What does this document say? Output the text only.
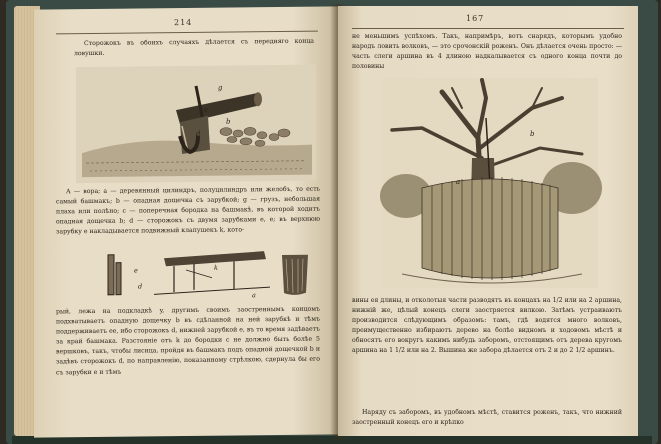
214

Сторожокъ въ обоихъ случаяхъ дѣлается съ передняго конца ловушки.

g
e
d
b

А — вора; а — деревянный цилиндръ, полуцилиндръ или желобъ, то есть самый башмакъ; b — опадная дощечка съ зарубкой; g — грузъ, небольшая плаха или полѣно; c — поперечная бородка на башмакѣ, въ которой ходитъ опадная дощечка b; d — сторожокъ съ двумя зарубками e, e; въ верхнюю зарубку e накладывается подвижный клапушекъ k, кото-

e
d
k
a

рый, лежа на подкладкѣ y, другимъ своимъ заостреннымъ концомъ подхватываетъ опадную дощечку b въ сдѣланной на ней зарубкѣ и тѣмъ поддерживаетъ ее, ибо сторожокъ d, нижней зарубкой e, въ то время задѣваетъ за край башмака. Разстояніе отъ k до бородки c не должно быть болѣе 5 вершковъ, такъ, чтобы лисица, пройдя въ башмакъ подъ опадной дощечкой b и задѣвъ сторожокъ d, по направленію, показанному стрѣлкою, сдернула бы его съ зарубки e и тѣмъ

167

не меньшимъ успѣхомъ. Такъ, напримѣръ, вотъ снарядъ, которымъ удобно народъ ловить волковъ, — это срочонскій роженъ. Онъ дѣлается очень просто: — часть слеги аршина въ 4 длиною надкалывается съ одного конца почти до половины

b
a

вины ея длины, и отколотыя части разводятъ въ концахъ на 1/2 или на 2 аршина, нижній же, цѣлый конецъ слеги заостряется вилкою. Затѣмъ устраиваютъ производится слѣдующимъ образомъ: тамъ, гдѣ водятся много волковъ, преимущественно избираютъ дерево на болѣе видномъ и ходовомъ мѣстѣ и обносятъ его вокругъ какимъ нибудь заборомъ, отстоящимъ отъ дерева кругомъ аршина на 1 1/2 или на 2. Вышина же забора дѣлается отъ 2 и до 2 1/2 аршинъ.

Наряду съ заборомъ, въ удобномъ мѣстѣ, ставится роженъ, такъ, что нижний заостренный конецъ его и крѣпко
